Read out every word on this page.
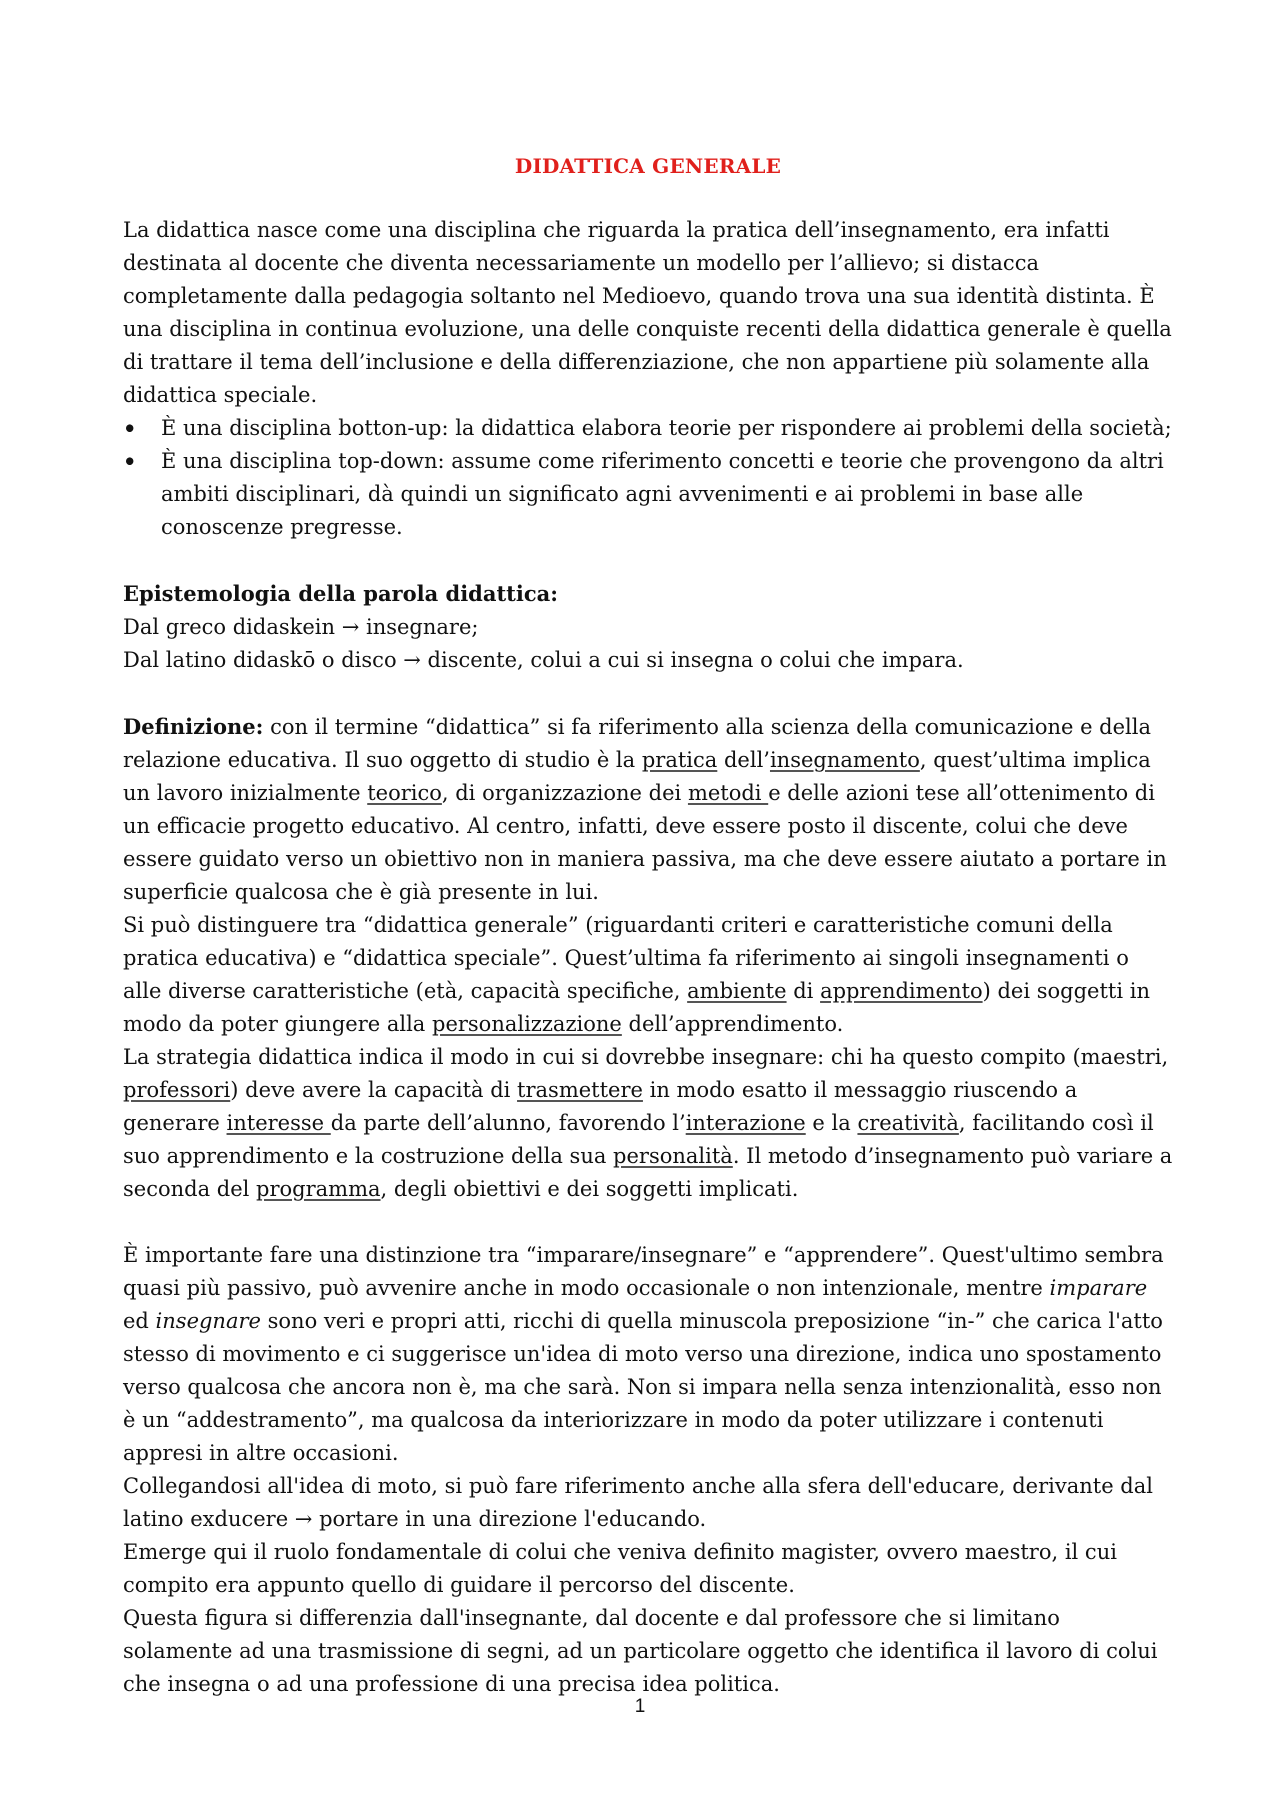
DIDATTICA GENERALE

La didattica nasce come una disciplina che riguarda la pratica dell’insegnamento, era infatti destinata al docente che diventa necessariamente un modello per l’allievo; si distacca completamente dalla pedagogia soltanto nel Medioevo, quando trova una sua identità distinta. È una disciplina in continua evoluzione, una delle conquiste recenti della didattica generale è quella di trattare il tema dell’inclusione e della differenziazione, che non appartiene più solamente alla didattica speciale.

• È una disciplina botton-up: la didattica elabora teorie per rispondere ai problemi della società;
• È una disciplina top-down: assume come riferimento concetti e teorie che provengono da altri ambiti disciplinari, dà quindi un significato agni avvenimenti e ai problemi in base alle conoscenze pregresse.

Epistemologia della parola didattica:

Dal greco didaskein → insegnare;

Dal latino didaskō o disco → discente, colui a cui si insegna o colui che impara.

Definizione: con il termine “didattica” si fa riferimento alla scienza della comunicazione e della relazione educativa. Il suo oggetto di studio è la pratica dell’insegnamento, quest’ultima implica un lavoro inizialmente teorico, di organizzazione dei metodi e delle azioni tese all’ottenimento di un efficacie progetto educativo. Al centro, infatti, deve essere posto il discente, colui che deve essere guidato verso un obiettivo non in maniera passiva, ma che deve essere aiutato a portare in superficie qualcosa che è già presente in lui.

Si può distinguere tra “didattica generale” (riguardanti criteri e caratteristiche comuni della pratica educativa) e “didattica speciale”. Quest’ultima fa riferimento ai singoli insegnamenti o alle diverse caratteristiche (età, capacità specifiche, ambiente di apprendimento) dei soggetti in modo da poter giungere alla personalizzazione dell’apprendimento.

La strategia didattica indica il modo in cui si dovrebbe insegnare: chi ha questo compito (maestri, professori) deve avere la capacità di trasmettere in modo esatto il messaggio riuscendo a generare interesse da parte dell’alunno, favorendo l’interazione e la creatività, facilitando così il suo apprendimento e la costruzione della sua personalità. Il metodo d’insegnamento può variare a seconda del programma, degli obiettivi e dei soggetti implicati.

È importante fare una distinzione tra “imparare/insegnare” e “apprendere”. Quest'ultimo sembra quasi più passivo, può avvenire anche in modo occasionale o non intenzionale, mentre imparare ed insegnare sono veri e propri atti, ricchi di quella minuscola preposizione “in-” che carica l'atto stesso di movimento e ci suggerisce un'idea di moto verso una direzione, indica uno spostamento verso qualcosa che ancora non è, ma che sarà. Non si impara nella senza intenzionalità, esso non è un “addestramento”, ma qualcosa da interiorizzare in modo da poter utilizzare i contenuti appresi in altre occasioni.

Collegandosi all'idea di moto, si può fare riferimento anche alla sfera dell'educare, derivante dal latino exducere → portare in una direzione l'educando.

Emerge qui il ruolo fondamentale di colui che veniva definito magister, ovvero maestro, il cui compito era appunto quello di guidare il percorso del discente.

Questa figura si differenzia dall'insegnante, dal docente e dal professore che si limitano solamente ad una trasmissione di segni, ad un particolare oggetto che identifica il lavoro di colui che insegna o ad una professione di una precisa idea politica.

1
